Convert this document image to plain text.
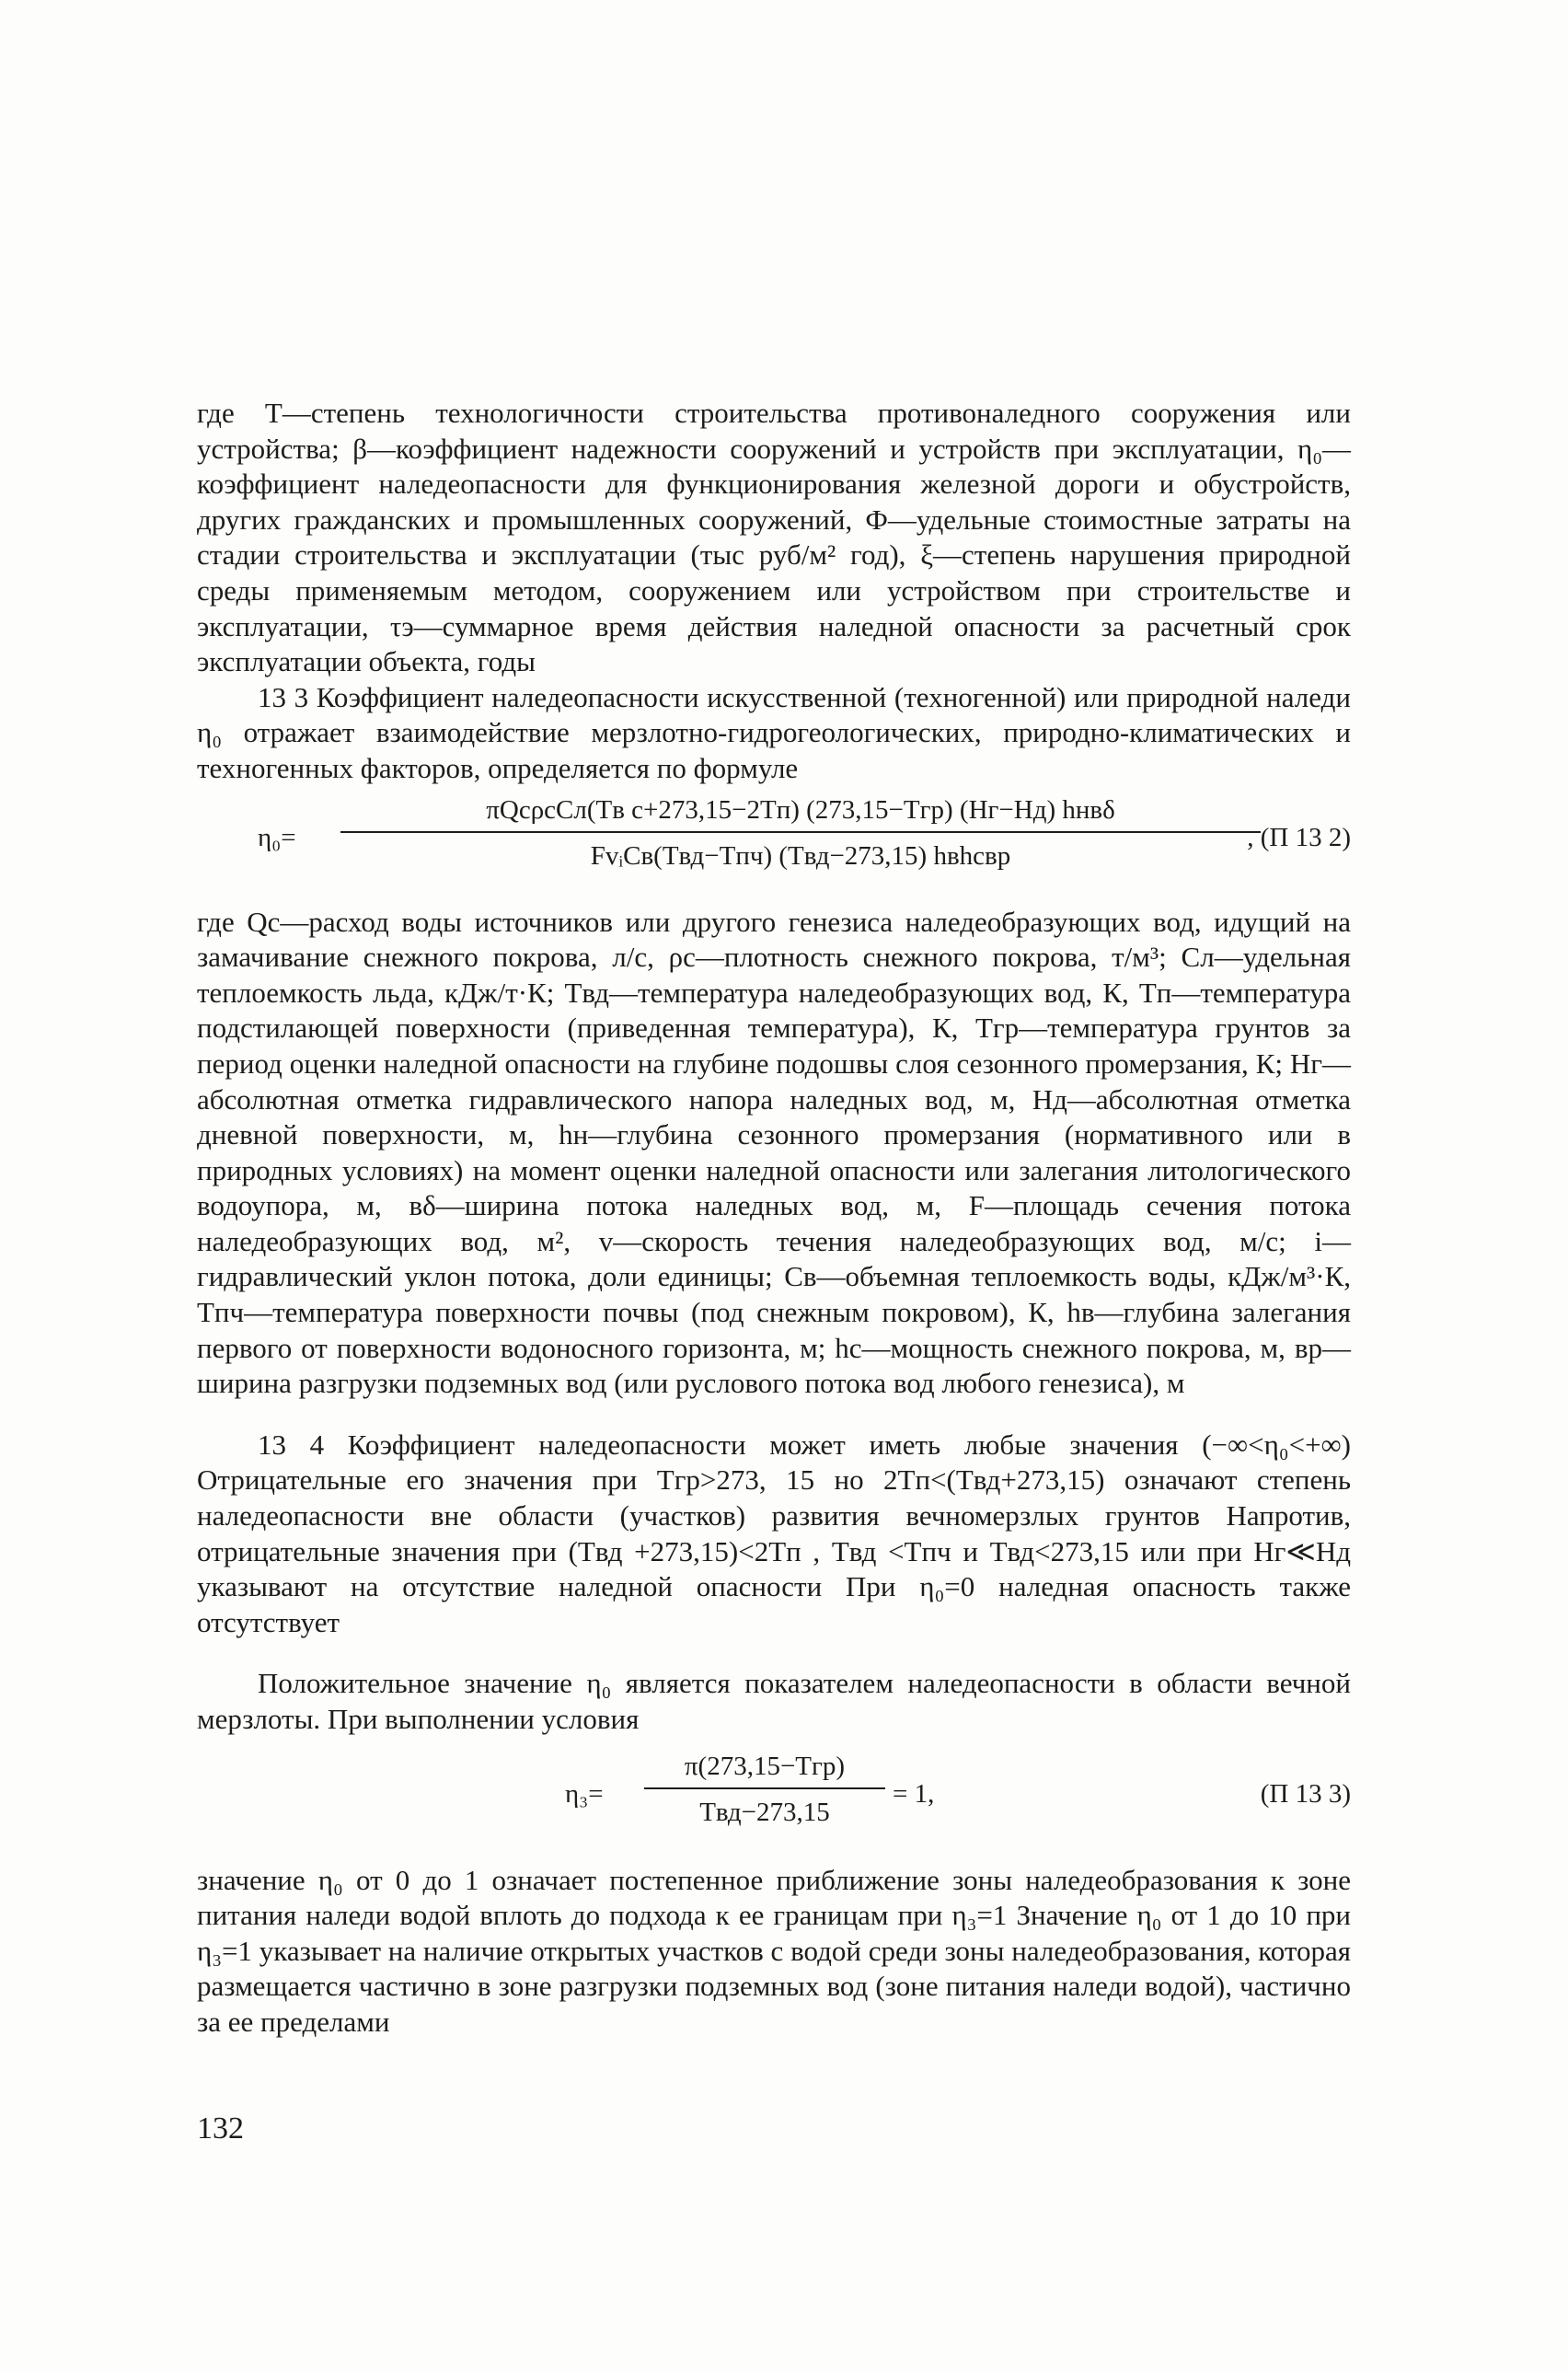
где T—степень технологичности строительства противоналедного сооружения или устройства; β—коэффициент надежности сооружений и устройств при эксплуатации, η₀—коэффициент наледеопасности для функционирования железной дороги и обустройств, других гражданских и промышленных сооружений, Ф—удельные стоимостные затраты на стадии строительства и эксплуатации (тыс руб/м² год), ξ—степень нарушения природной среды применяемым методом, сооружением или устройством при строительстве и эксплуатации, τэ—суммарное время действия наледной опасности за расчетный срок эксплуатации объекта, годы

13 3 Коэффициент наледеопасности искусственной (техногенной) или природной наледи η₀ отражает взаимодействие мерзлотно-гидрогеологических, природно-климатических и техногенных факторов, определяется по формуле

η₀=
πQcρcCл(Tв с+273,15−2Tп) (273,15−Tгр) (Hг−Hд) hнвδ
FvᵢCв(Tвд−Tпч) (Tвд−273,15) hвhcвр
, (П 13 2)

где Qc—расход воды источников или другого генезиса наледеобразующих вод, идущий на замачивание снежного покрова, л/с, ρc—плотность снежного покрова, т/м³; Cл—удельная теплоемкость льда, кДж/т·К; Tвд—температура наледеобразующих вод, К, Tп—температура подстилающей поверхности (приведенная температура), К, Tгр—температура грунтов за период оценки наледной опасности на глубине подошвы слоя сезонного промерзания, К; Hг—абсолютная отметка гидравлического напора наледных вод, м, Hд—абсолютная отметка дневной поверхности, м, hн—глубина сезонного промерзания (нормативного или в природных условиях) на момент оценки наледной опасности или залегания литологического водоупора, м, вδ—ширина потока наледных вод, м, F—площадь сечения потока наледеобразующих вод, м², v—скорость течения наледеобразующих вод, м/с; i—гидравлический уклон потока, доли единицы; Cв—объемная теплоемкость воды, кДж/м³·К, Tпч—температура поверхности почвы (под снежным покровом), К, hв—глубина залегания первого от поверхности водоносного горизонта, м; hc—мощность снежного покрова, м, вр—ширина разгрузки подземных вод (или руслового потока вод любого генезиса), м

13 4 Коэффициент наледеопасности может иметь любые значения (−∞<η₀<+∞) Отрицательные его значения при Tгр>273, 15 но 2Tп<(Tвд+273,15) означают степень наледеопасности вне области (участков) развития вечномерзлых грунтов Напротив, отрицательные значения при (Tвд +273,15)<2Tп , Tвд <Tпч и Tвд<273,15 или при Hг≪Hд указывают на отсутствие наледной опасности При η₀=0 наледная опасность также отсутствует

Положительное значение η₀ является показателем наледеопасности в области вечной мерзлоты. При выполнении условия

η₃=
π(273,15−Tгр)
Tвд−273,15
= 1,	(П 13 3)

значение η₀ от 0 до 1 означает постепенное приближение зоны наледеобразования к зоне питания наледи водой вплоть до подхода к ее границам при η₃=1 Значение η₀ от 1 до 10 при η₃=1 указывает на наличие открытых участков с водой среди зоны наледеобразования, которая размещается частично в зоне разгрузки подземных вод (зоне питания наледи водой), частично за ее пределами

132
